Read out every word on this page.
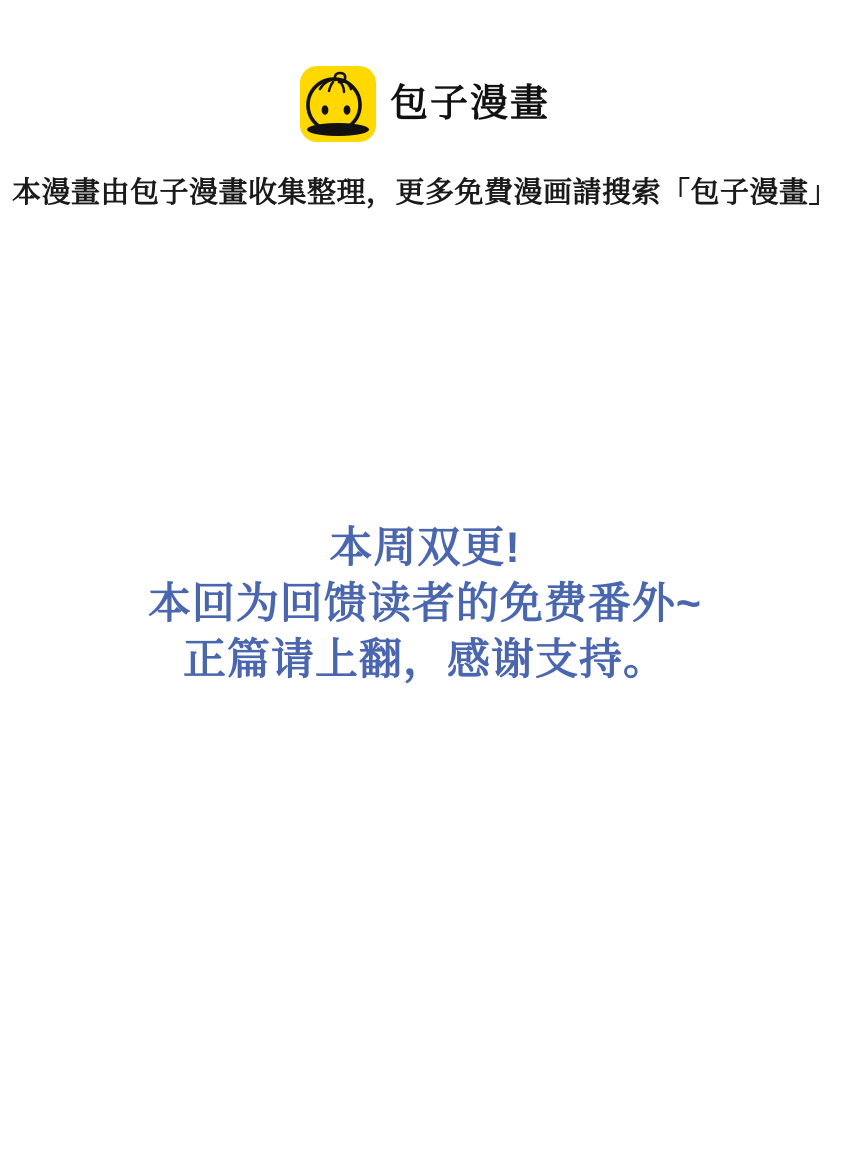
包子漫畫
本漫畫由包子漫畫收集整理，更多免費漫画請搜索「包子漫畫」
本周双更!
本回为回馈读者的免费番外~
正篇请上翻，感谢支持。
